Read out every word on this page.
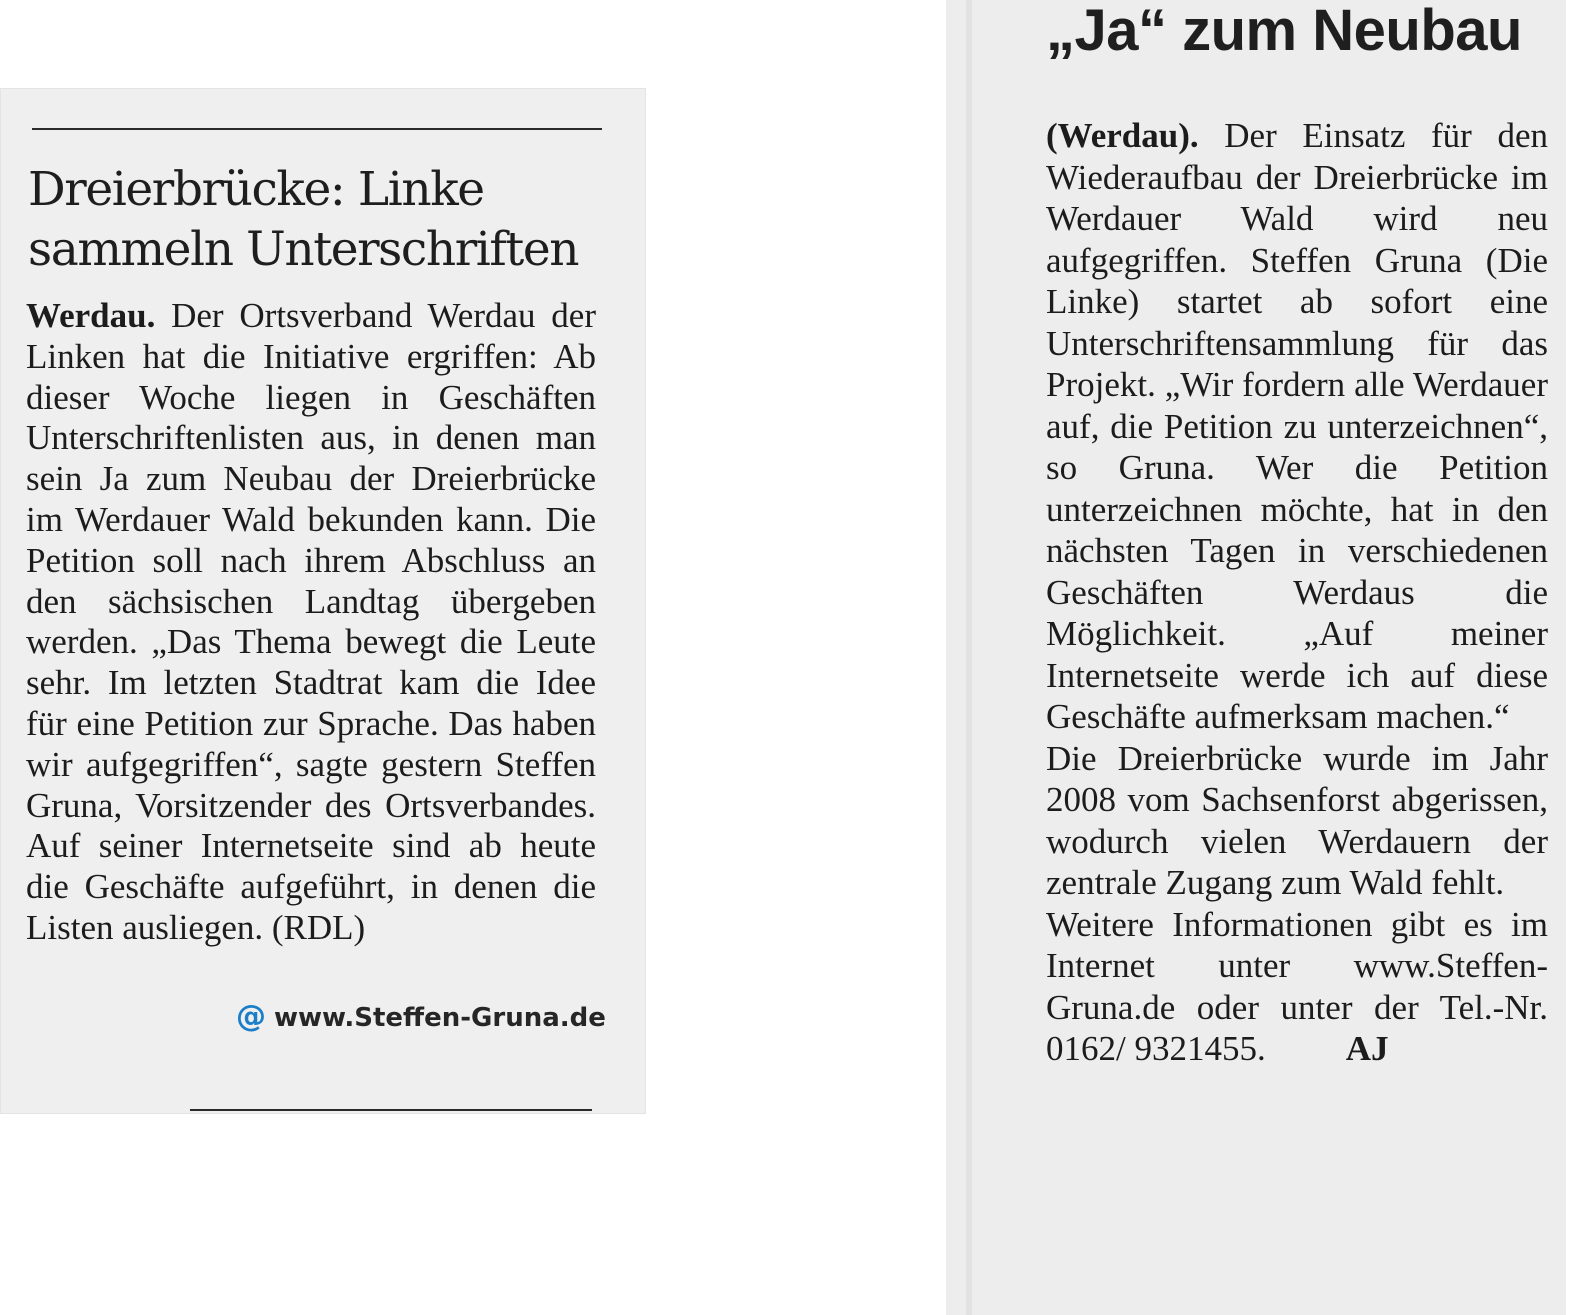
Dreierbrücke: Linke sammeln Unterschriften

Werdau. Der Ortsverband Werdau der Linken hat die Initiative ergriffen: Ab dieser Woche liegen in Geschäften Unterschriftenlisten aus, in denen man sein Ja zum Neubau der Dreierbrücke im Werdauer Wald bekunden kann. Die Petition soll nach ihrem Abschluss an den sächsischen Landtag übergeben werden. „Das Thema bewegt die Leute sehr. Im letzten Stadtrat kam die Idee für eine Petition zur Sprache. Das haben wir aufgegriffen“, sagte gestern Steffen Gruna, Vorsitzender des Ortsverbandes. Auf seiner Internetseite sind ab heute die Geschäfte aufgeführt, in denen die Listen ausliegen. (RDL)

@ www.Steffen-Gruna.de
„Ja“ zum Neubau

(Werdau). Der Einsatz für den Wiederaufbau der Dreierbrücke im Werdauer Wald wird neu aufgegriffen. Steffen Gruna (Die Linke) startet ab sofort eine Unterschriftensammlung für das Projekt. „Wir fordern alle Werdauer auf, die Petition zu unterzeichnen“, so Gruna. Wer die Petition unterzeichnen möchte, hat in den nächsten Tagen in verschiedenen Geschäften Werdaus die Möglichkeit. „Auf meiner Internetseite werde ich auf diese Geschäfte aufmerksam machen.“

Die Dreierbrücke wurde im Jahr 2008 vom Sachsenforst abgerissen, wodurch vielen Werdauern der zentrale Zugang zum Wald fehlt.

Weitere Informationen gibt es im Internet unter www.Steffen-Gruna.de oder unter der Tel.-Nr. 0162/ 9321455. AJ
